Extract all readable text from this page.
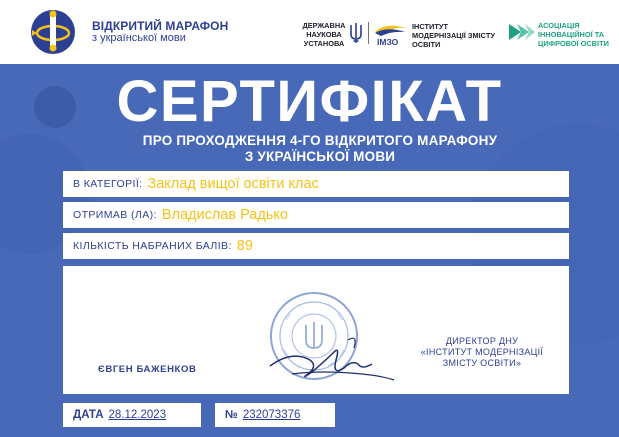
ВІДКРИТИЙ МАРАФОН
з української мови
ДЕРЖАВНА
НАУКОВА
УСТАНОВА	ІМЗО
ІНСТИТУТ
МОДЕРНІЗАЦІЇ ЗМІСТУ
ОСВІТИ
АСОЦІАЦІЯ
ІННОВАЦІЙНОЇ ТА
ЦИФРОВОЇ ОСВІТИ
СЕРТИФІКАТ
ПРО ПРОХОДЖЕННЯ 4-ГО ВІДКРИТОГО МАРАФОНУ
З УКРАЇНСЬКОЇ МОВИ
В КАТЕГОРІЇ: Заклад вищої освіти клас
ОТРИМАВ (ЛА): Владислав Радько
КІЛЬКІСТЬ НАБРАНИХ БАЛІВ: 89
ЄВГЕН БАЖЕНКОВ
ДИРЕКТОР ДНУ
«ІНСТИТУТ МОДЕРНІЗАЦІЇ
ЗМІСТУ ОСВІТИ»
ДАТА 28.12.2023	№ 232073376
